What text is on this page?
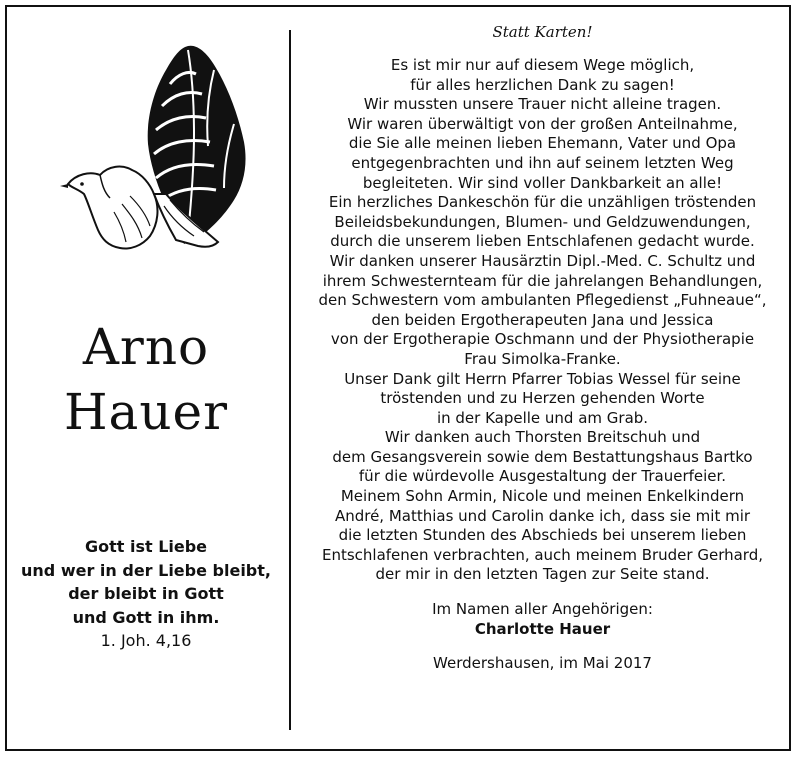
Arno
Hauer
Gott ist Liebe
und wer in der Liebe bleibt,
der bleibt in Gott
und Gott in ihm.
1. Joh. 4,16
Statt Karten!
Es ist mir nur auf diesem Wege möglich,
für alles herzlichen Dank zu sagen!
Wir mussten unsere Trauer nicht alleine tragen.
Wir waren überwältigt von der großen Anteilnahme,
die Sie alle meinen lieben Ehemann, Vater und Opa
entgegenbrachten und ihn auf seinem letzten Weg
begleiteten. Wir sind voller Dankbarkeit an alle!
Ein herzliches Dankeschön für die unzähligen tröstenden
Beileidsbekundungen, Blumen- und Geldzuwendungen,
durch die unserem lieben Entschlafenen gedacht wurde.
Wir danken unserer Hausärztin Dipl.-Med. C. Schultz und
ihrem Schwesternteam für die jahrelangen Behandlungen,
den Schwestern vom ambulanten Pflegedienst „Fuhneaue“,
den beiden Ergotherapeuten Jana und Jessica
von der Ergotherapie Oschmann und der Physiotherapie
Frau Simolka-Franke.
Unser Dank gilt Herrn Pfarrer Tobias Wessel für seine
tröstenden und zu Herzen gehenden Worte
in der Kapelle und am Grab.
Wir danken auch Thorsten Breitschuh und
dem Gesangsverein sowie dem Bestattungshaus Bartko
für die würdevolle Ausgestaltung der Trauerfeier.
Meinem Sohn Armin, Nicole und meinen Enkelkindern
André, Matthias und Carolin danke ich, dass sie mit mir
die letzten Stunden des Abschieds bei unserem lieben
Entschlafenen verbrachten, auch meinem Bruder Gerhard,
der mir in den letzten Tagen zur Seite stand.
Im Namen aller Angehörigen:
Charlotte Hauer
Werdershausen, im Mai 2017
